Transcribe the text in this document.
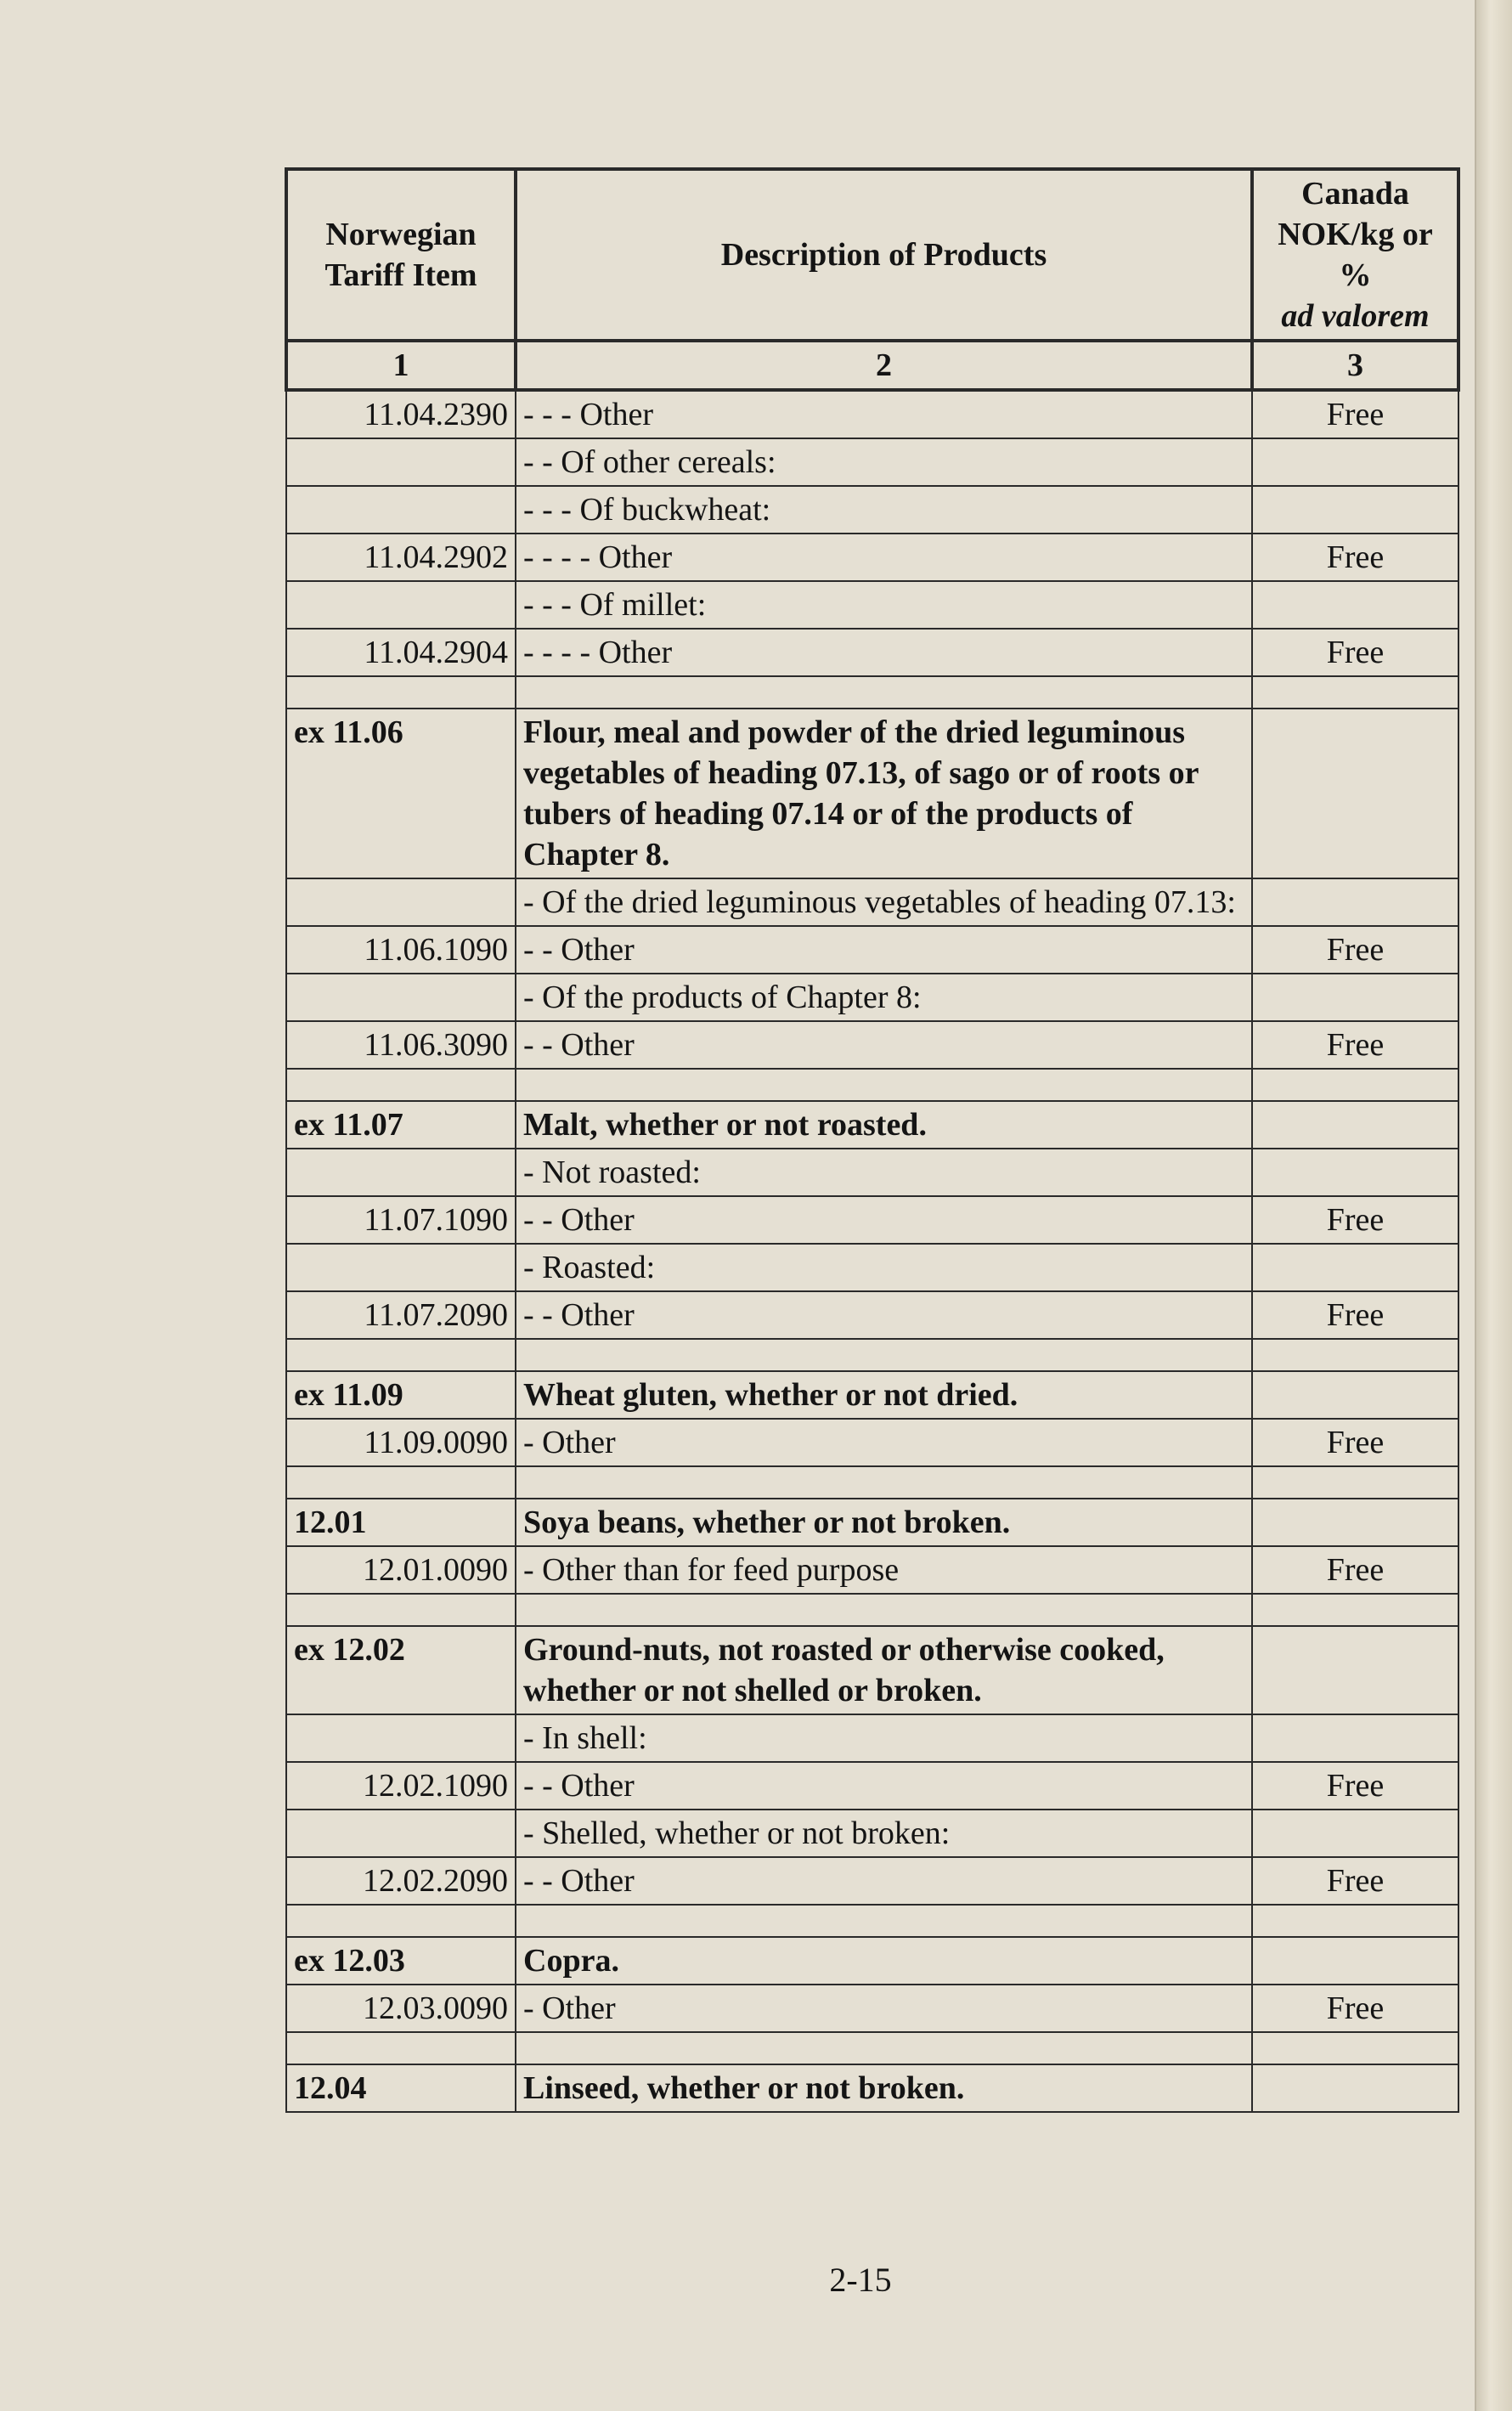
Norwegian Tariff Item	Description of Products	Canada NOK/kg or %
ad valorem
1	2	3
11.04.2390	- - - Other	Free
	- - Of other cereals:	
	- - - Of buckwheat:	
11.04.2902	- - - - Other	Free
	- - - Of millet:	
11.04.2904	- - - - Other	Free

ex 11.06	Flour, meal and powder of the dried leguminous vegetables of heading 07.13, of sago or of roots or tubers of heading 07.14 or of the products of Chapter 8.	
	- Of the dried leguminous vegetables of heading 07.13:	
11.06.1090	- - Other	Free
	- Of the products of Chapter 8:	
11.06.3090	- - Other	Free

ex 11.07	Malt, whether or not roasted.	
	- Not roasted:	
11.07.1090	- - Other	Free
	- Roasted:	
11.07.2090	- - Other	Free

ex 11.09	Wheat gluten, whether or not dried.	
11.09.0090	- Other	Free

12.01	Soya beans, whether or not broken.	
12.01.0090	- Other than for feed purpose	Free

ex 12.02	Ground-nuts, not roasted or otherwise cooked, whether or not shelled or broken.	
	- In shell:	
12.02.1090	- - Other	Free
	- Shelled, whether or not broken:	
12.02.2090	- - Other	Free

ex 12.03	Copra.	
12.03.0090	- Other	Free

12.04	Linseed, whether or not broken.	
2-15
